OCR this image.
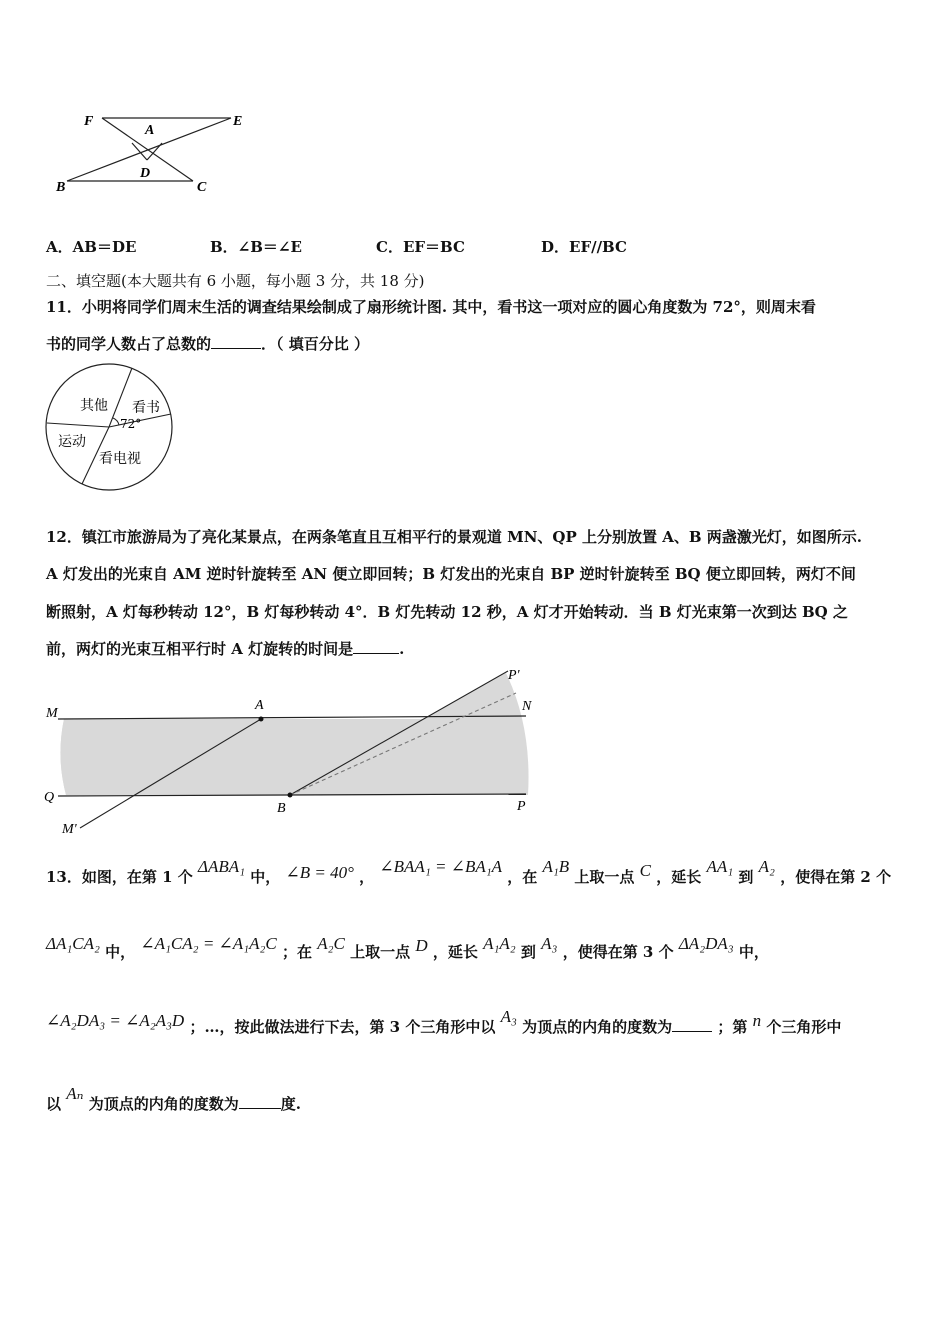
F
A
E
D
B	C
A．AB＝DE	B．∠B＝∠E	C．EF＝BC	D．EF//BC
二、填空题(本大题共有 6 小题，每小题 3 分，共 18 分)
11．小明将同学们周末生活的调查结果绘制成了扇形统计图. 其中，看书这一项对应的圆心角度数为 72°，则周末看
书的同学人数占了总数的	．（ 填百分比 ）
其他 看书
72°
运动
看电视
12．镇江市旅游局为了亮化某景点，在两条笔直且互相平行的景观道 MN、QP 上分别放置 A、B 两盏激光灯，如图所示.
A 灯发出的光束自 AM 逆时针旋转至 AN 便立即回转；B 灯发出的光束自 BP 逆时针旋转至 BQ 便立即回转，两灯不间
断照射，A 灯每秒转动 12°，B 灯每秒转动 4°．B 灯先转动 12 秒，A 灯才开始转动．当 B 灯光束第一次到达 BQ 之
前，两灯的光束互相平行时 A 灯旋转的时间是	.
M
A	N
P'
Q
B	P
M'
13．如图，在第 1 个 ΔABA₁ 中， ∠B = 40° ， ∠BAA₁ = ∠BA₁A ，在 A₁B 上取一点 C ，延长 AA₁ 到 A₂ ，使得在第 2 个
ΔA₁CA₂ 中， ∠A₁CA₂ = ∠A₁A₂C ；在 A₂C 上取一点 D ，延长 A₁A₂ 到 A₃ ，使得在第 3 个 ΔA₂DA₃ 中，
∠A₂DA₃ = ∠A₂A₃D ；…，按此做法进行下去，第 3 个三角形中以 A₃ 为顶点的内角的度数为	；第 n 个三角形中
以 Aₙ 为顶点的内角的度数为	度.
